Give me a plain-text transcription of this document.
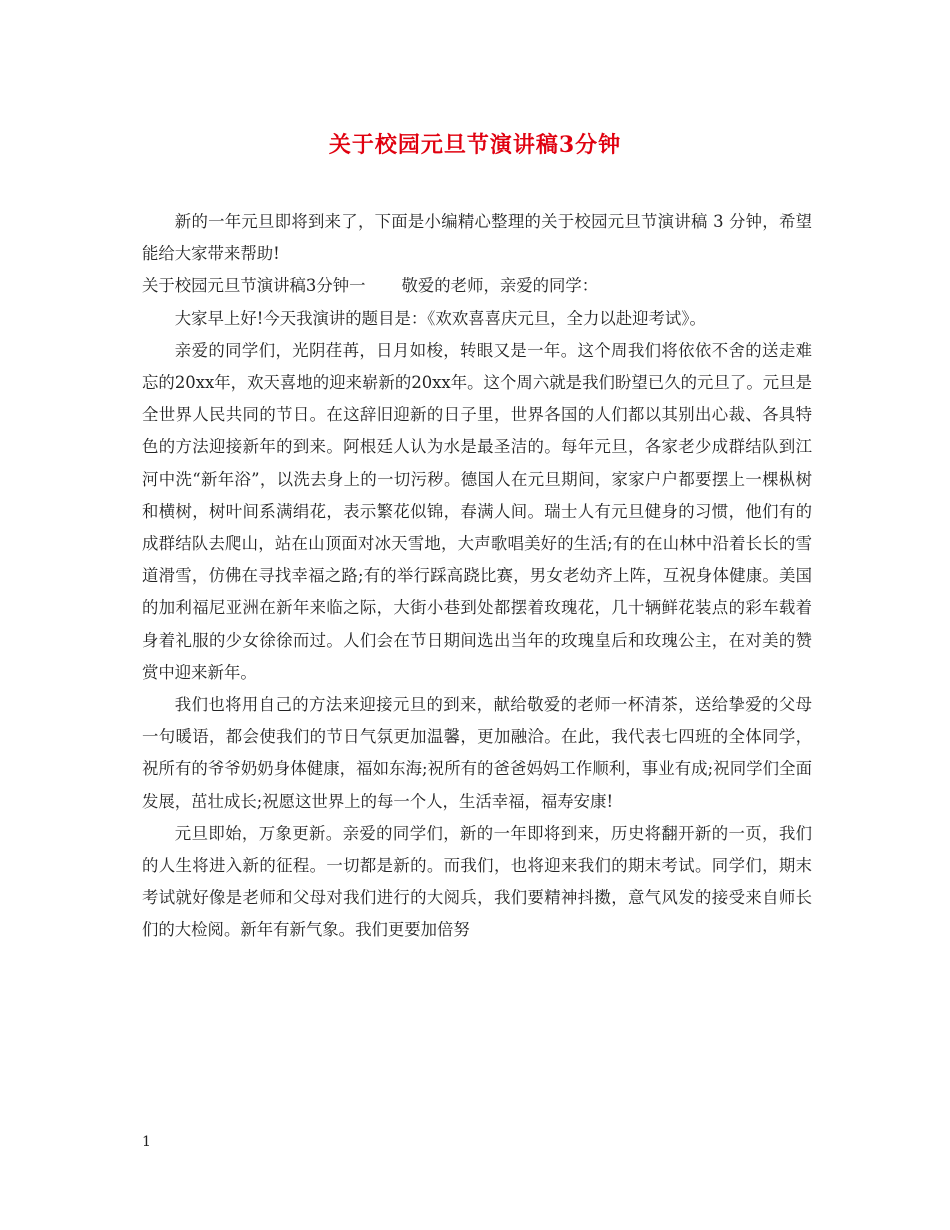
关于校园元旦节演讲稿3分钟

新的一年元旦即将到来了，下面是小编精心整理的关于校园元旦节演讲稿 3 分钟，希望能给大家带来帮助!

关于校园元旦节演讲稿3分钟一 敬爱的老师，亲爱的同学：

大家早上好!今天我演讲的题目是：《欢欢喜喜庆元旦，全力以赴迎考试》。

亲爱的同学们，光阴荏苒，日月如梭，转眼又是一年。这个周我们将依依不舍的送走难忘的20xx年，欢天喜地的迎来崭新的20xx年。这个周六就是我们盼望已久的元旦了。元旦是全世界人民共同的节日。在这辞旧迎新的日子里，世界各国的人们都以其别出心裁、各具特色的方法迎接新年的到来。阿根廷人认为水是最圣洁的。每年元旦，各家老少成群结队到江河中洗“新年浴”，以洗去身上的一切污秽。德国人在元旦期间，家家户户都要摆上一棵枞树和横树，树叶间系满绢花，表示繁花似锦，春满人间。瑞士人有元旦健身的习惯，他们有的成群结队去爬山，站在山顶面对冰天雪地，大声歌唱美好的生活;有的在山林中沿着长长的雪道滑雪，仿佛在寻找幸福之路;有的举行踩高跷比赛，男女老幼齐上阵，互祝身体健康。美国的加利福尼亚洲在新年来临之际，大街小巷到处都摆着玫瑰花，几十辆鲜花装点的彩车载着身着礼服的少女徐徐而过。人们会在节日期间选出当年的玫瑰皇后和玫瑰公主，在对美的赞赏中迎来新年。

我们也将用自己的方法来迎接元旦的到来，献给敬爱的老师一杯清茶，送给挚爱的父母一句暖语，都会使我们的节日气氛更加温馨，更加融洽。在此，我代表七四班的全体同学，祝所有的爷爷奶奶身体健康，福如东海;祝所有的爸爸妈妈工作顺利，事业有成;祝同学们全面发展，茁壮成长;祝愿这世界上的每一个人，生活幸福，福寿安康!

元旦即始，万象更新。亲爱的同学们，新的一年即将到来，历史将翻开新的一页，我们的人生将进入新的征程。一切都是新的。而我们，也将迎来我们的期末考试。同学们，期末考试就好像是老师和父母对我们进行的大阅兵，我们要精神抖擞，意气风发的接受来自师长们的大检阅。新年有新气象。我们更要加倍努

1
